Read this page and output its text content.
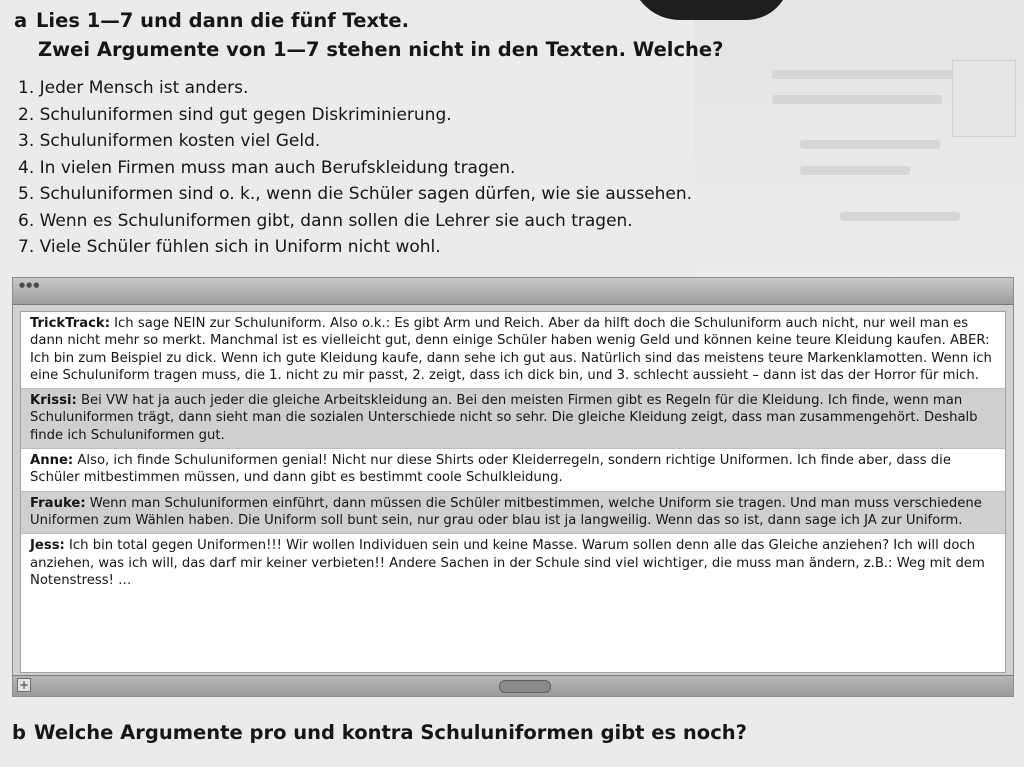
a Lies 1—7 und dann die fünf Texte.
Zwei Argumente von 1—7 stehen nicht in den Texten. Welche?
1. Jeder Mensch ist anders.
2. Schuluniformen sind gut gegen Diskriminierung.
3. Schuluniformen kosten viel Geld.
4. In vielen Firmen muss man auch Berufskleidung tragen.
5. Schuluniformen sind o. k., wenn die Schüler sagen dürfen, wie sie aussehen.
6. Wenn es Schuluniformen gibt, dann sollen die Lehrer sie auch tragen.
7. Viele Schüler fühlen sich in Uniform nicht wohl.
●●●
TrickTrack: Ich sage NEIN zur Schuluniform. Also o.k.: Es gibt Arm und Reich. Aber da hilft doch die Schuluniform auch nicht, nur weil man es dann nicht mehr so merkt. Manchmal ist es vielleicht gut, denn einige Schüler haben wenig Geld und können keine teure Kleidung kaufen. ABER: Ich bin zum Beispiel zu dick. Wenn ich gute Kleidung kaufe, dann sehe ich gut aus. Natürlich sind das meistens teure Markenklamotten. Wenn ich eine Schuluniform tragen muss, die 1. nicht zu mir passt, 2. zeigt, dass ich dick bin, und 3. schlecht aussieht – dann ist das der Horror für mich.
Krissi: Bei VW hat ja auch jeder die gleiche Arbeitskleidung an. Bei den meisten Firmen gibt es Regeln für die Kleidung. Ich finde, wenn man Schuluniformen trägt, dann sieht man die sozialen Unterschiede nicht so sehr. Die gleiche Kleidung zeigt, dass man zusammengehört. Deshalb finde ich Schuluniformen gut.
Anne: Also, ich finde Schuluniformen genial! Nicht nur diese Shirts oder Kleiderregeln, sondern richtige Uniformen. Ich finde aber, dass die Schüler mitbestimmen müssen, und dann gibt es bestimmt coole Schulkleidung.
Frauke: Wenn man Schuluniformen einführt, dann müssen die Schüler mitbestimmen, welche Uniform sie tragen. Und man muss verschiedene Uniformen zum Wählen haben. Die Uniform soll bunt sein, nur grau oder blau ist ja langweilig. Wenn das so ist, dann sage ich JA zur Uniform.
Jess: Ich bin total gegen Uniformen!!! Wir wollen Individuen sein und keine Masse. Warum sollen denn alle das Gleiche anziehen? Ich will doch anziehen, was ich will, das darf mir keiner verbieten!! Andere Sachen in der Schule sind viel wichtiger, die muss man ändern, z.B.: Weg mit dem Notenstress! …
+
b Welche Argumente pro und kontra Schuluniformen gibt es noch?
